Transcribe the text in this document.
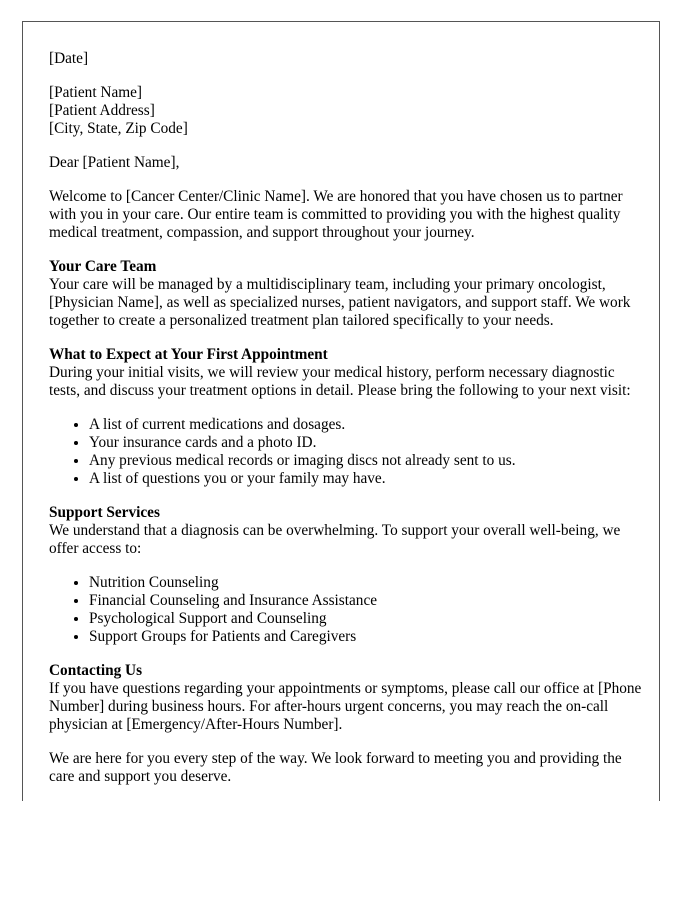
[Date]

[Patient Name]
[Patient Address]
[City, State, Zip Code]

Dear [Patient Name],

Welcome to [Cancer Center/Clinic Name]. We are honored that you have chosen us to partner with you in your care. Our entire team is committed to providing you with the highest quality medical treatment, compassion, and support throughout your journey.

Your Care Team

Your care will be managed by a multidisciplinary team, including your primary oncologist, [Physician Name], as well as specialized nurses, patient navigators, and support staff. We work together to create a personalized treatment plan tailored specifically to your needs.

What to Expect at Your First Appointment

During your initial visits, we will review your medical history, perform necessary diagnostic tests, and discuss your treatment options in detail. Please bring the following to your next visit:

• A list of current medications and dosages.
• Your insurance cards and a photo ID.
• Any previous medical records or imaging discs not already sent to us.
• A list of questions you or your family may have.
Support Services

We understand that a diagnosis can be overwhelming. To support your overall well-being, we offer access to:

• Nutrition Counseling
• Financial Counseling and Insurance Assistance
• Psychological Support and Counseling
• Support Groups for Patients and Caregivers
Contacting Us

If you have questions regarding your appointments or symptoms, please call our office at [Phone Number] during business hours. For after-hours urgent concerns, you may reach the on-call physician at [Emergency/After-Hours Number].

We are here for you every step of the way. We look forward to meeting you and providing the care and support you deserve.
